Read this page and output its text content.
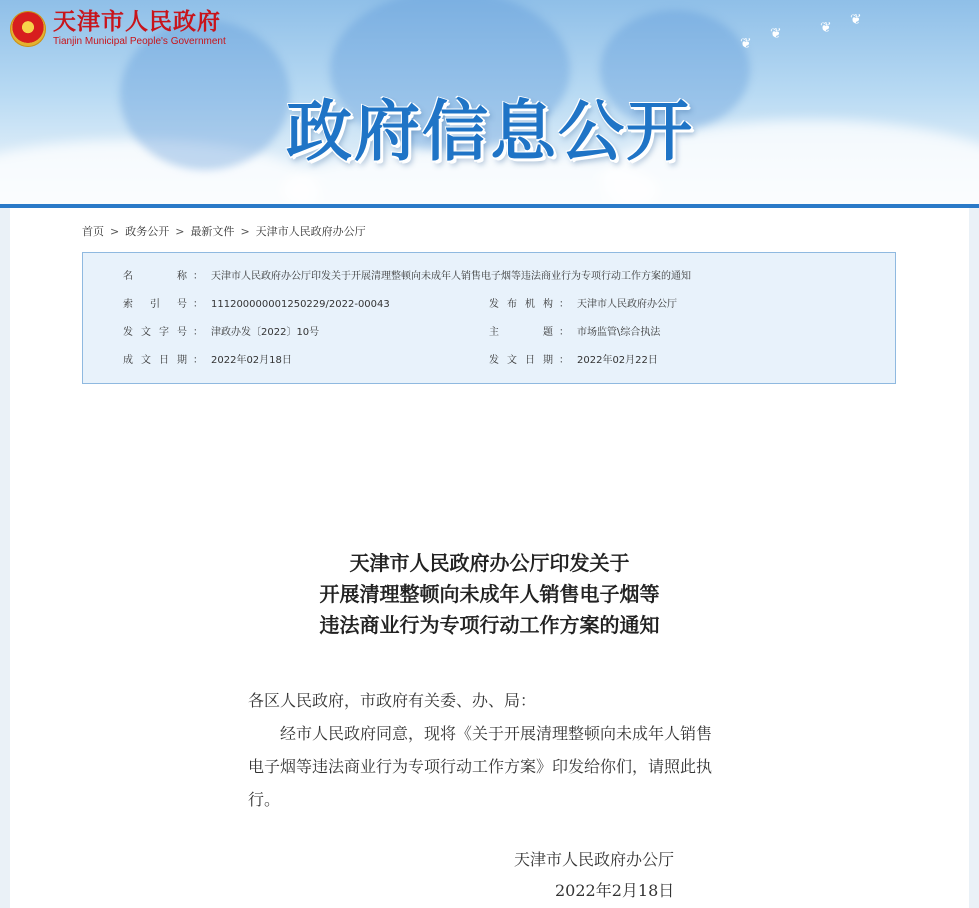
❦
❦	❦ ❦
天津市人民政府
Tianjin Municipal People's Government
政府信息公开
首页 > 政务公开 > 最新文件 > 天津市人民政府办公厅
名　　称 ： 天津市人民政府办公厅印发关于开展清理整顿向未成年人销售电子烟等违法商业行为专项行动工作方案的通知
索 引 号 ： 111200000001250229/2022-00043	发布机构 ： 天津市人民政府办公厅
发文字号 ： 津政办发〔2022〕10号	主　　题 ： 市场监管\综合执法
成文日期 ： 2022年02月18日	发文日期 ： 2022年02月22日
天津市人民政府办公厅印发关于
开展清理整顿向未成年人销售电子烟等
违法商业行为专项行动工作方案的通知

各区人民政府，市政府有关委、办、局：

经市人民政府同意，现将《关于开展清理整顿向未成年人销售

电子烟等违法商业行为专项行动工作方案》印发给你们，请照此执

行。

天津市人民政府办公厅
2022年2月18日
